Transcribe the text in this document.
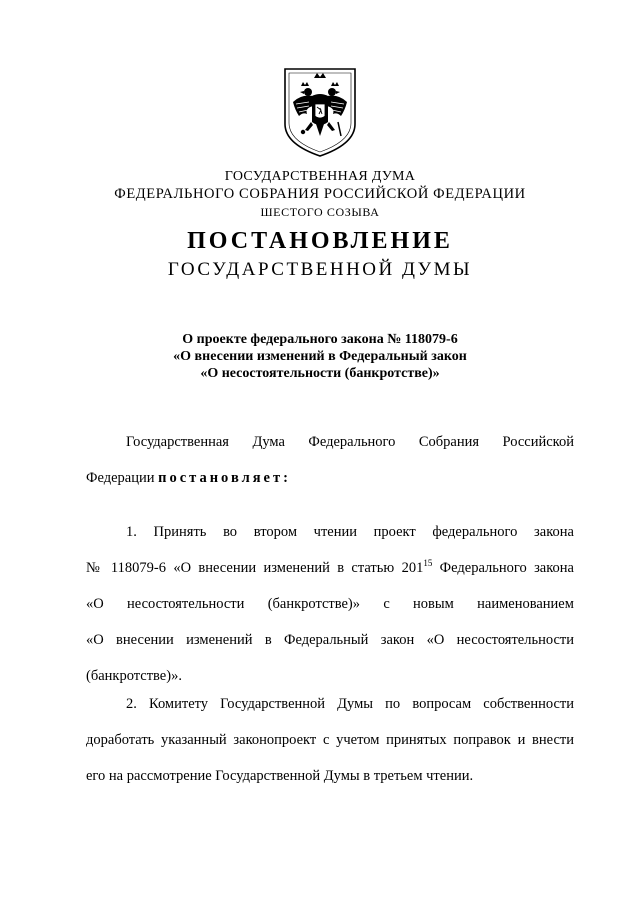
ГОСУДАРСТВЕННАЯ ДУМА
ФЕДЕРАЛЬНОГО СОБРАНИЯ РОССИЙСКОЙ ФЕДЕРАЦИИ
ШЕСТОГО СОЗЫВА
ПОСТАНОВЛЕНИЕ
ГОСУДАРСТВЕННОЙ ДУМЫ
О проекте федерального закона № 118079-6
«О внесении изменений в Федеральный закон
«О несостоятельности (банкротстве)»
Государственная Дума Федерального Собрания Российской
Федерации постановляет:
1. Принять во втором чтении проект федерального закона
№ 118079-6 «О внесении изменений в статью $201^{15}$ Федерального закона
«О несостоятельности (банкротстве)» с новым наименованием
«О внесении изменений в Федеральный закон «О несостоятельности
(банкротстве)».
2. Комитету Государственной Думы по вопросам собственности
доработать указанный законопроект с учетом принятых поправок и внести
его на рассмотрение Государственной Думы в третьем чтении.
